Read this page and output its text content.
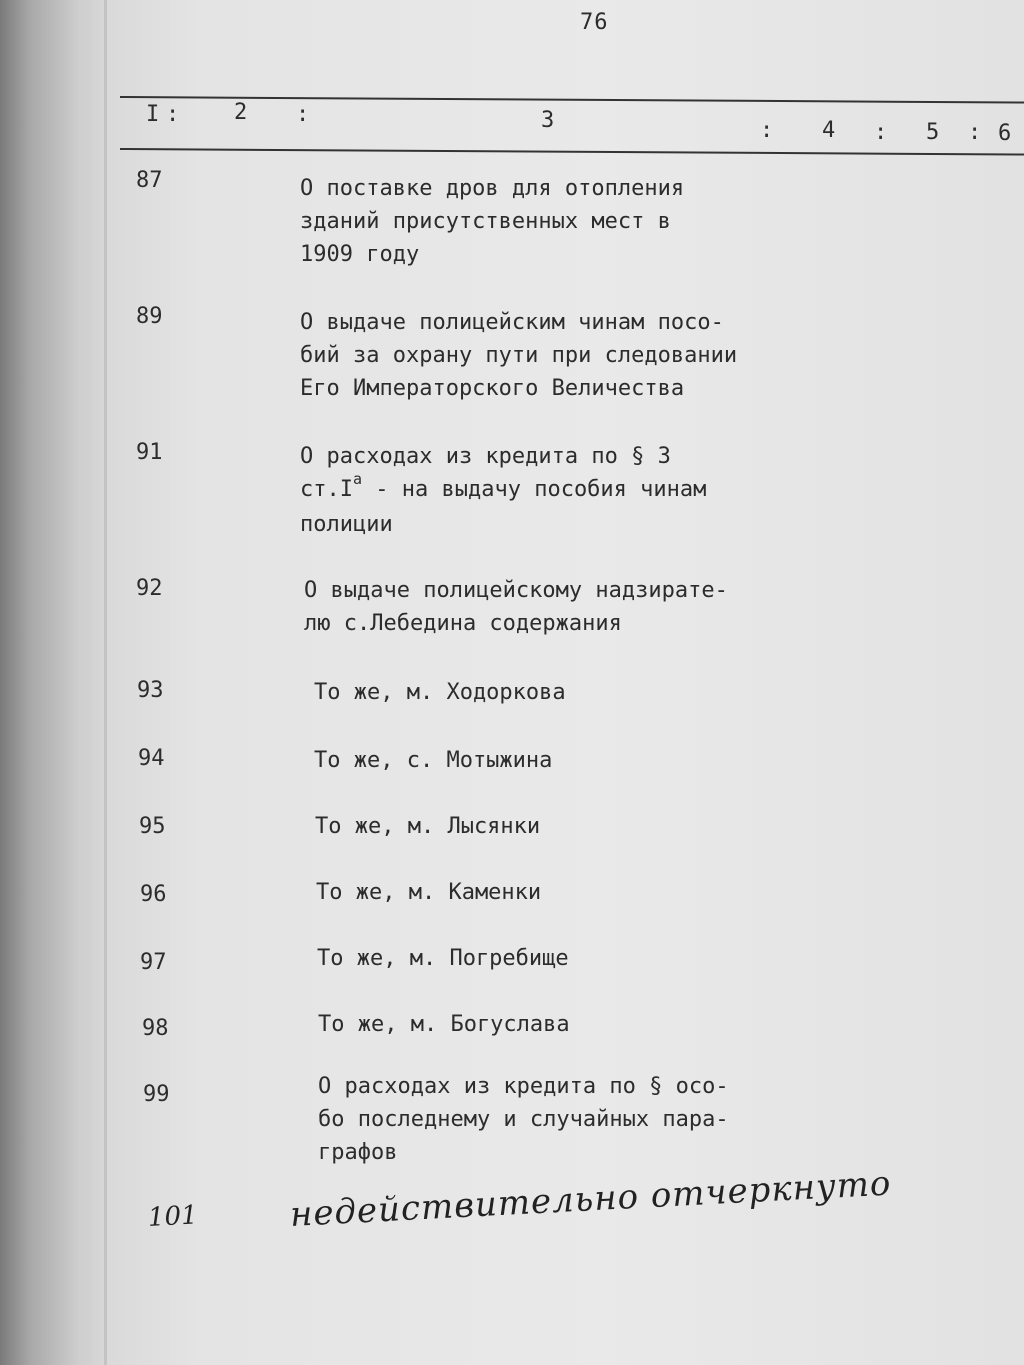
76
I : 2 :	3	: 4 : 5 : 6
87	О поставке дров для отопления
зданий присутственных мест в
1909 году
89	О выдаче полицейским чинам посо-
бий за охрану пути при следовании
Его Императорского Величества
91	О расходах из кредита по § 3
$ст.I^а$ - на выдачу пособия чинам
полиции
92	О выдаче полицейскому надзирате-
лю с.Лебедина содержания
93	То же, м. Ходоркова
94	То же, с. Мотыжина
95	То же, м. Лысянки
96	То же, м. Каменки
97	То же, м. Погребище
98	То же, м. Богуслава
99	О расходах из кредита по § осо-
бо последнему и случайных пара-
графов
101	недействительно отчеркнуто
